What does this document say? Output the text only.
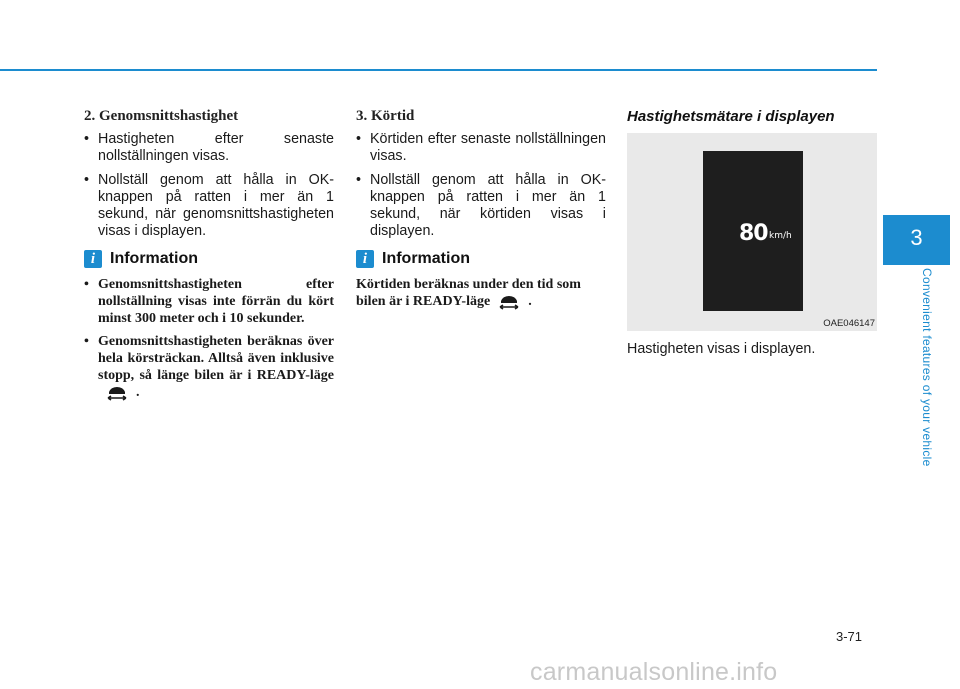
2. Genomsnittshastighet
• Hastigheten efter senaste nollställningen visas.
• Nollställ genom att hålla in OK-knappen på ratten i mer än 1 sekund, när genomsnittshastigheten visas i displayen.
i Information
• Genomsnittshastigheten efter nollställning visas inte förrän du kört minst 300 meter och i 10 sekunder.
• Genomsnittshastigheten beräknas över hela körsträckan. Alltså även inklusive stopp, så länge bilen är i READY-läge.
3. Körtid
• Körtiden efter senaste nollställningen visas.
• Nollställ genom att hålla in OK-knappen på ratten i mer än 1 sekund, när körtiden visas i displayen.
i Information

Körtiden beräknas under den tid som bilen är i READY-läge	.

Hastighetsmätare i displayen
80 km/h
OAE046147

Hastigheten visas i displayen.

3
Convenient features of your vehicle
3-71
carmanualsonline.info
